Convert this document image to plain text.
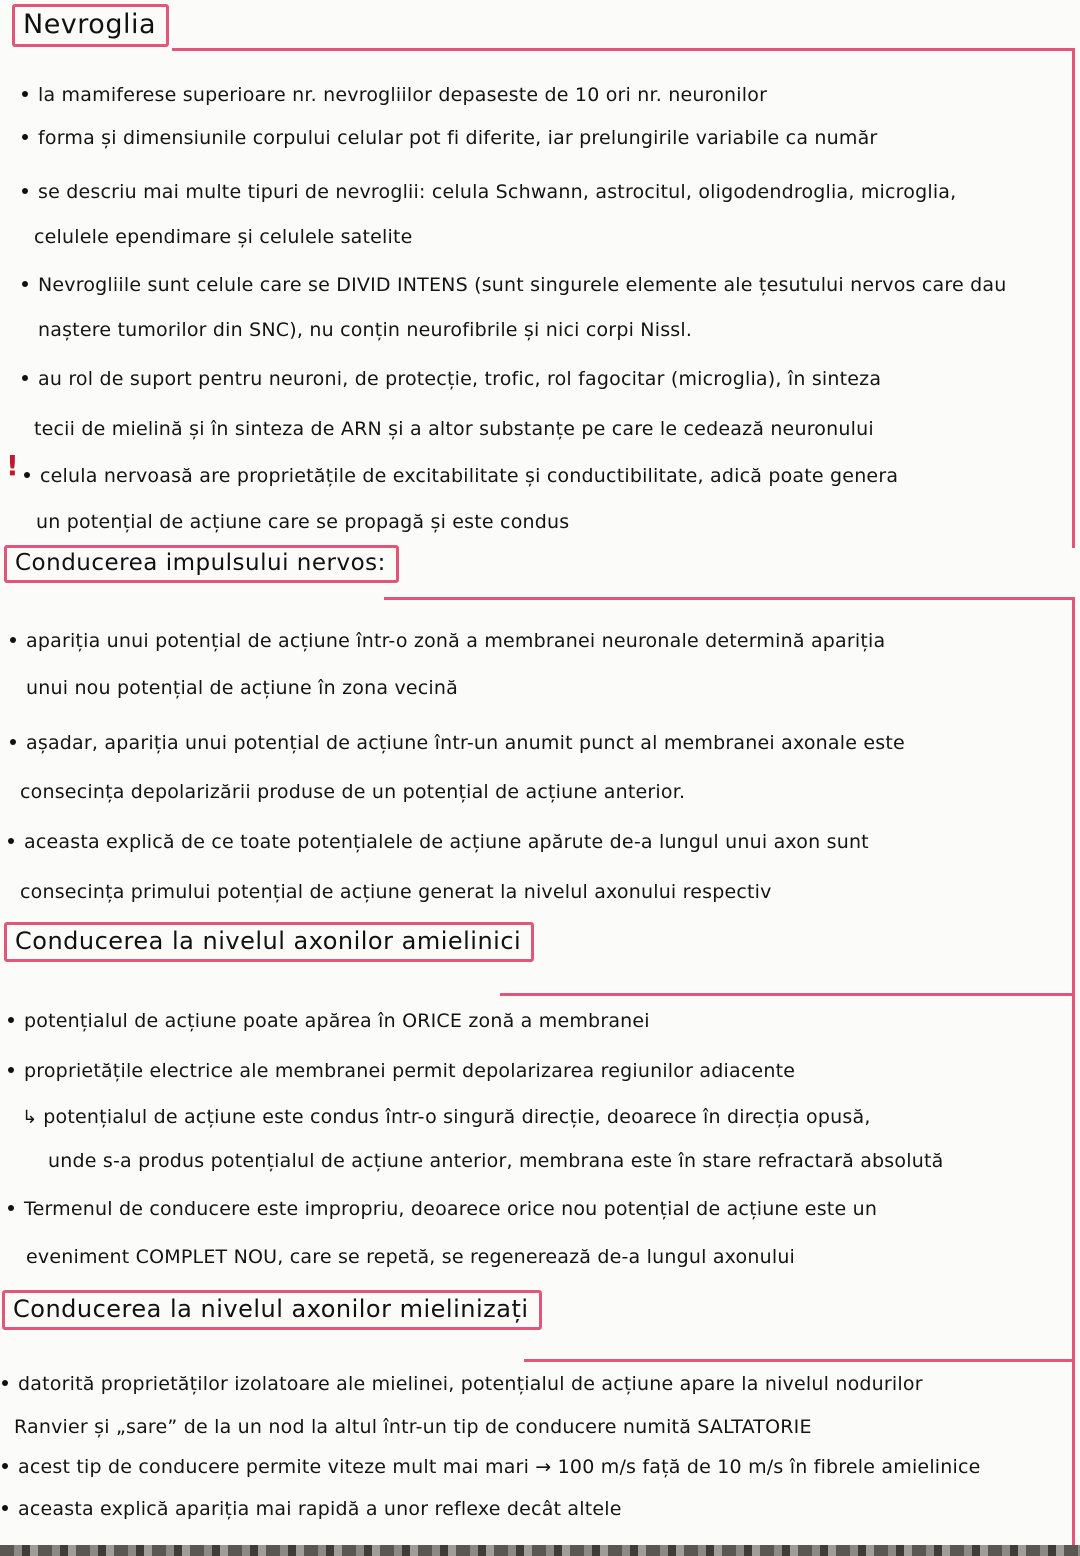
Nevroglia
la mamiferese superioare nr. nevrogliilor depaseste de 10 ori nr. neuronilor
forma și dimensiunile corpului celular pot fi diferite, iar prelungirile variabile ca număr
se descriu mai multe tipuri de nevroglii: celula Schwann, astrocitul, oligodendroglia, microglia,
celulele ependimare și celulele satelite
Nevrogliile sunt celule care se DIVID INTENS (sunt singurele elemente ale țesutului nervos care dau
naștere tumorilor din SNC), nu conțin neurofibrile și nici corpi Nissl.
au rol de suport pentru neuroni, de protecție, trofic, rol fagocitar (microglia), în sinteza
tecii de mielină și în sinteza de ARN și a altor substanțe pe care le cedează neuronului
!	celula nervoasă are proprietățile de excitabilitate și conductibilitate, adică poate genera
un potențial de acțiune care se propagă și este condus
Conducerea impulsului nervos:
apariția unui potențial de acțiune într-o zonă a membranei neuronale determină apariția
unui nou potențial de acțiune în zona vecină
așadar, apariția unui potențial de acțiune într-un anumit punct al membranei axonale este
consecința depolarizării produse de un potențial de acțiune anterior.
aceasta explică de ce toate potențialele de acțiune apărute de-a lungul unui axon sunt
consecința primului potențial de acțiune generat la nivelul axonului respectiv
Conducerea la nivelul axonilor amielinici
potențialul de acțiune poate apărea în ORICE zonă a membranei
proprietățile electrice ale membranei permit depolarizarea regiunilor adiacente
↳ potențialul de acțiune este condus într-o singură direcție, deoarece în direcția opusă,
unde s-a produs potențialul de acțiune anterior, membrana este în stare refractară absolută
Termenul de conducere este impropriu, deoarece orice nou potențial de acțiune este un
eveniment COMPLET NOU, care se repetă, se regenerează de-a lungul axonului
Conducerea la nivelul axonilor mielinizați
datorită proprietăților izolatoare ale mielinei, potențialul de acțiune apare la nivelul nodurilor
Ranvier și „sare” de la un nod la altul într-un tip de conducere numită SALTATORIE
acest tip de conducere permite viteze mult mai mari → 100 m/s față de 10 m/s în fibrele amielinice
aceasta explică apariția mai rapidă a unor reflexe decât altele
